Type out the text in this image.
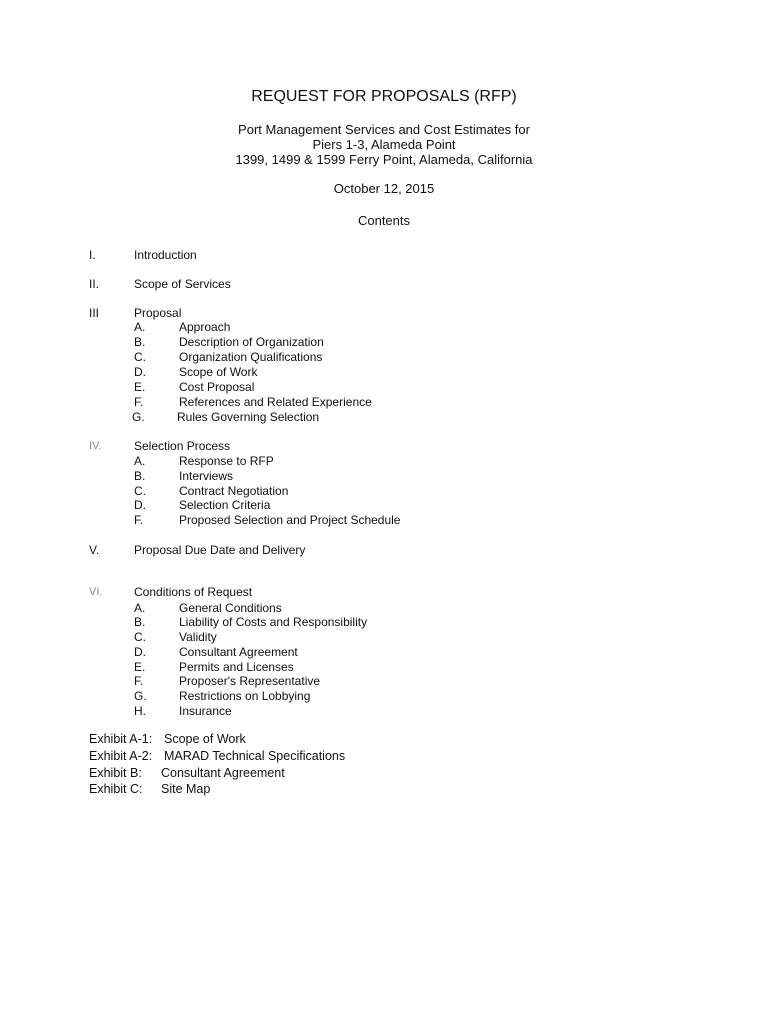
REQUEST FOR PROPOSALS (RFP)
Port Management Services and Cost Estimates for
Piers 1-3, Alameda Point
1399, 1499 & 1599 Ferry Point, Alameda, California
October 12, 2015
Contents
I.	Introduction
II.	Scope of Services
III	Proposal
A.	Approach
B.	Description of Organization
C.	Organization Qualifications
D.	Scope of Work
E.	Cost Proposal
F.	References and Related Experience
G.	Rules Governing Selection
IV.	Selection Process
A.	Response to RFP
B.	Interviews
C.	Contract Negotiation
D.	Selection Criteria
F.	Proposed Selection and Project Schedule
V.	Proposal Due Date and Delivery
VI.	Conditions of Request
A.	General Conditions
B.	Liability of Costs and Responsibility
C.	Validity
D.	Consultant Agreement
E.	Permits and Licenses
F.	Proposer's Representative
G.	Restrictions on Lobbying
H.	Insurance
Exhibit A-1: Scope of Work
Exhibit A-2: MARAD Technical Specifications
Exhibit B: Consultant Agreement
Exhibit C: Site Map
